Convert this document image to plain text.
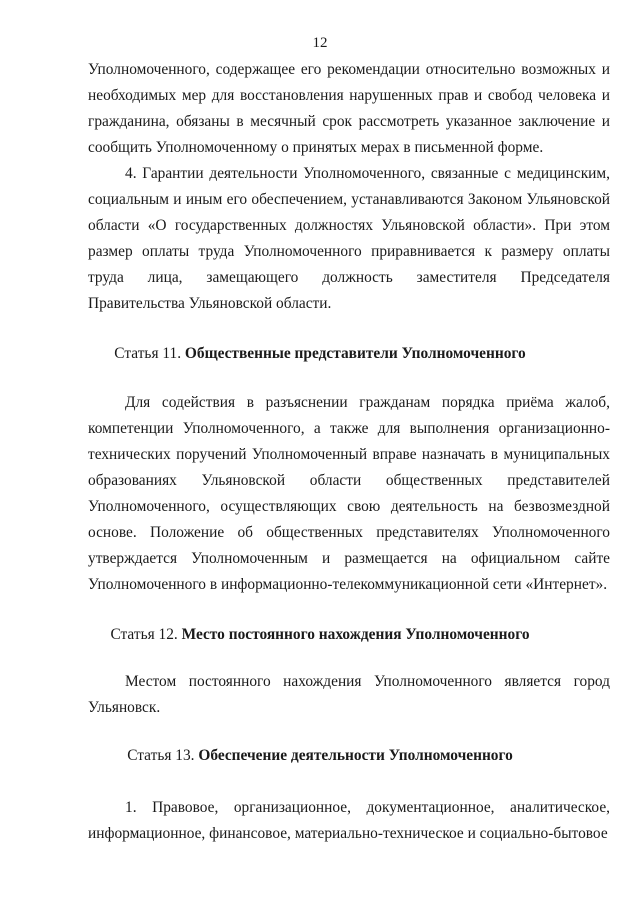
12

Уполномоченного, содержащее его рекомендации относительно возможных и необходимых мер для восстановления нарушенных прав и свобод человека и гражданина, обязаны в месячный срок рассмотреть указанное заключение и сообщить Уполномоченному о принятых мерах в письменной форме.

4. Гарантии деятельности Уполномоченного, связанные с медицинским, социальным и иным его обеспечением, устанавливаются Законом Ульяновской области «О государственных должностях Ульяновской области». При этом размер оплаты труда Уполномоченного приравнивается к размеру оплаты труда лица, замещающего должность заместителя Председателя Правительства Ульяновской области.

Статья 11. Общественные представители Уполномоченного

Для содействия в разъяснении гражданам порядка приёма жалоб, компетенции Уполномоченного, а также для выполнения организационно-технических поручений Уполномоченный вправе назначать в муниципальных образованиях Ульяновской области общественных представителей Уполномоченного, осуществляющих свою деятельность на безвозмездной основе. Положение об общественных представителях Уполномоченного утверждается Уполномоченным и размещается на официальном сайте Уполномоченного в информационно-телекоммуникационной сети «Интернет».

Статья 12. Место постоянного нахождения Уполномоченного

Местом постоянного нахождения Уполномоченного является город Ульяновск.

Статья 13. Обеспечение деятельности Уполномоченного

1. Правовое, организационное, документационное, аналитическое, информационное, финансовое, материально-техническое и социально-бытовое
